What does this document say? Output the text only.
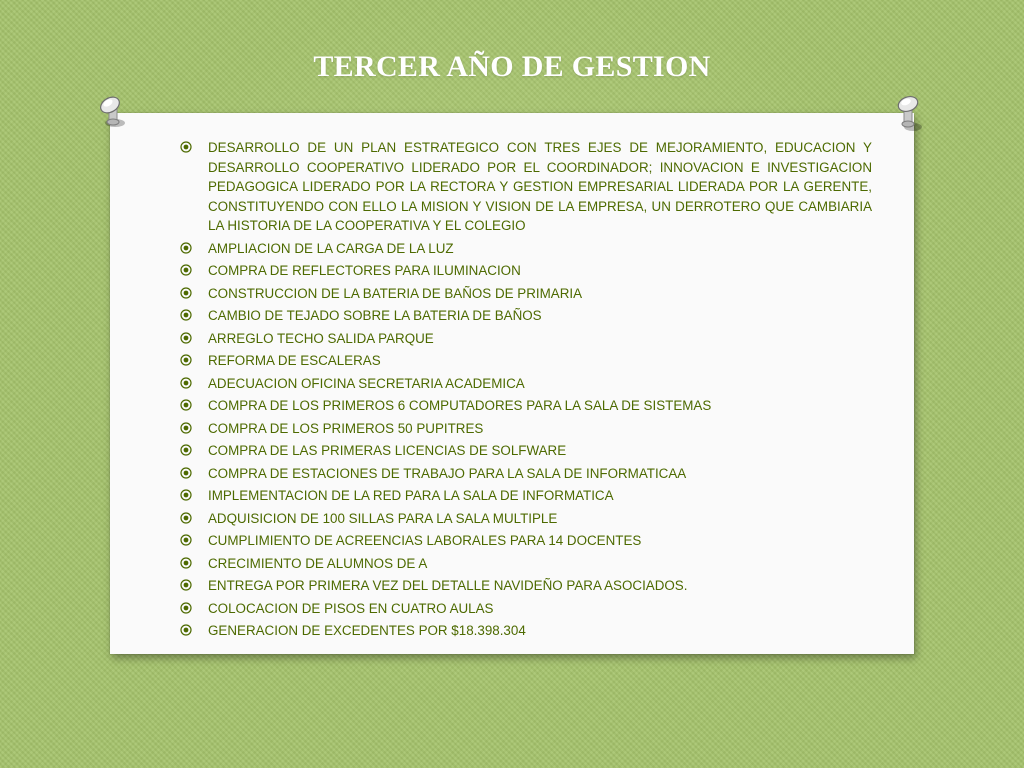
TERCER AÑO DE GESTION
DESARROLLO DE UN PLAN ESTRATEGICO CON TRES EJES DE MEJORAMIENTO, EDUCACION Y DESARROLLO COOPERATIVO LIDERADO POR EL COORDINADOR; INNOVACION E INVESTIGACION PEDAGOGICA LIDERADO POR LA RECTORA Y GESTION EMPRESARIAL LIDERADA POR LA GERENTE, CONSTITUYENDO CON ELLO LA MISION Y VISION DE LA EMPRESA, UN DERROTERO QUE CAMBIARIA LA HISTORIA DE LA COOPERATIVA Y EL COLEGIO
AMPLIACION DE LA CARGA DE LA LUZ
COMPRA DE REFLECTORES PARA ILUMINACION
CONSTRUCCION DE LA BATERIA DE BAÑOS DE PRIMARIA
CAMBIO DE TEJADO SOBRE LA BATERIA DE BAÑOS
ARREGLO TECHO SALIDA PARQUE
REFORMA DE ESCALERAS
ADECUACION OFICINA SECRETARIA ACADEMICA
COMPRA DE LOS PRIMEROS 6 COMPUTADORES PARA LA SALA DE SISTEMAS
COMPRA DE LOS PRIMEROS 50 PUPITRES
COMPRA DE LAS PRIMERAS LICENCIAS DE SOLFWARE
COMPRA DE ESTACIONES DE TRABAJO PARA LA SALA DE INFORMATICAA
IMPLEMENTACION DE LA RED PARA LA SALA DE INFORMATICA
ADQUISICION DE 100 SILLAS PARA LA SALA MULTIPLE
CUMPLIMIENTO DE ACREENCIAS LABORALES PARA 14 DOCENTES
CRECIMIENTO DE ALUMNOS DE A
ENTREGA POR PRIMERA VEZ DEL DETALLE NAVIDEÑO PARA ASOCIADOS.
COLOCACION DE PISOS EN CUATRO AULAS
GENERACION DE EXCEDENTES POR $18.398.304
